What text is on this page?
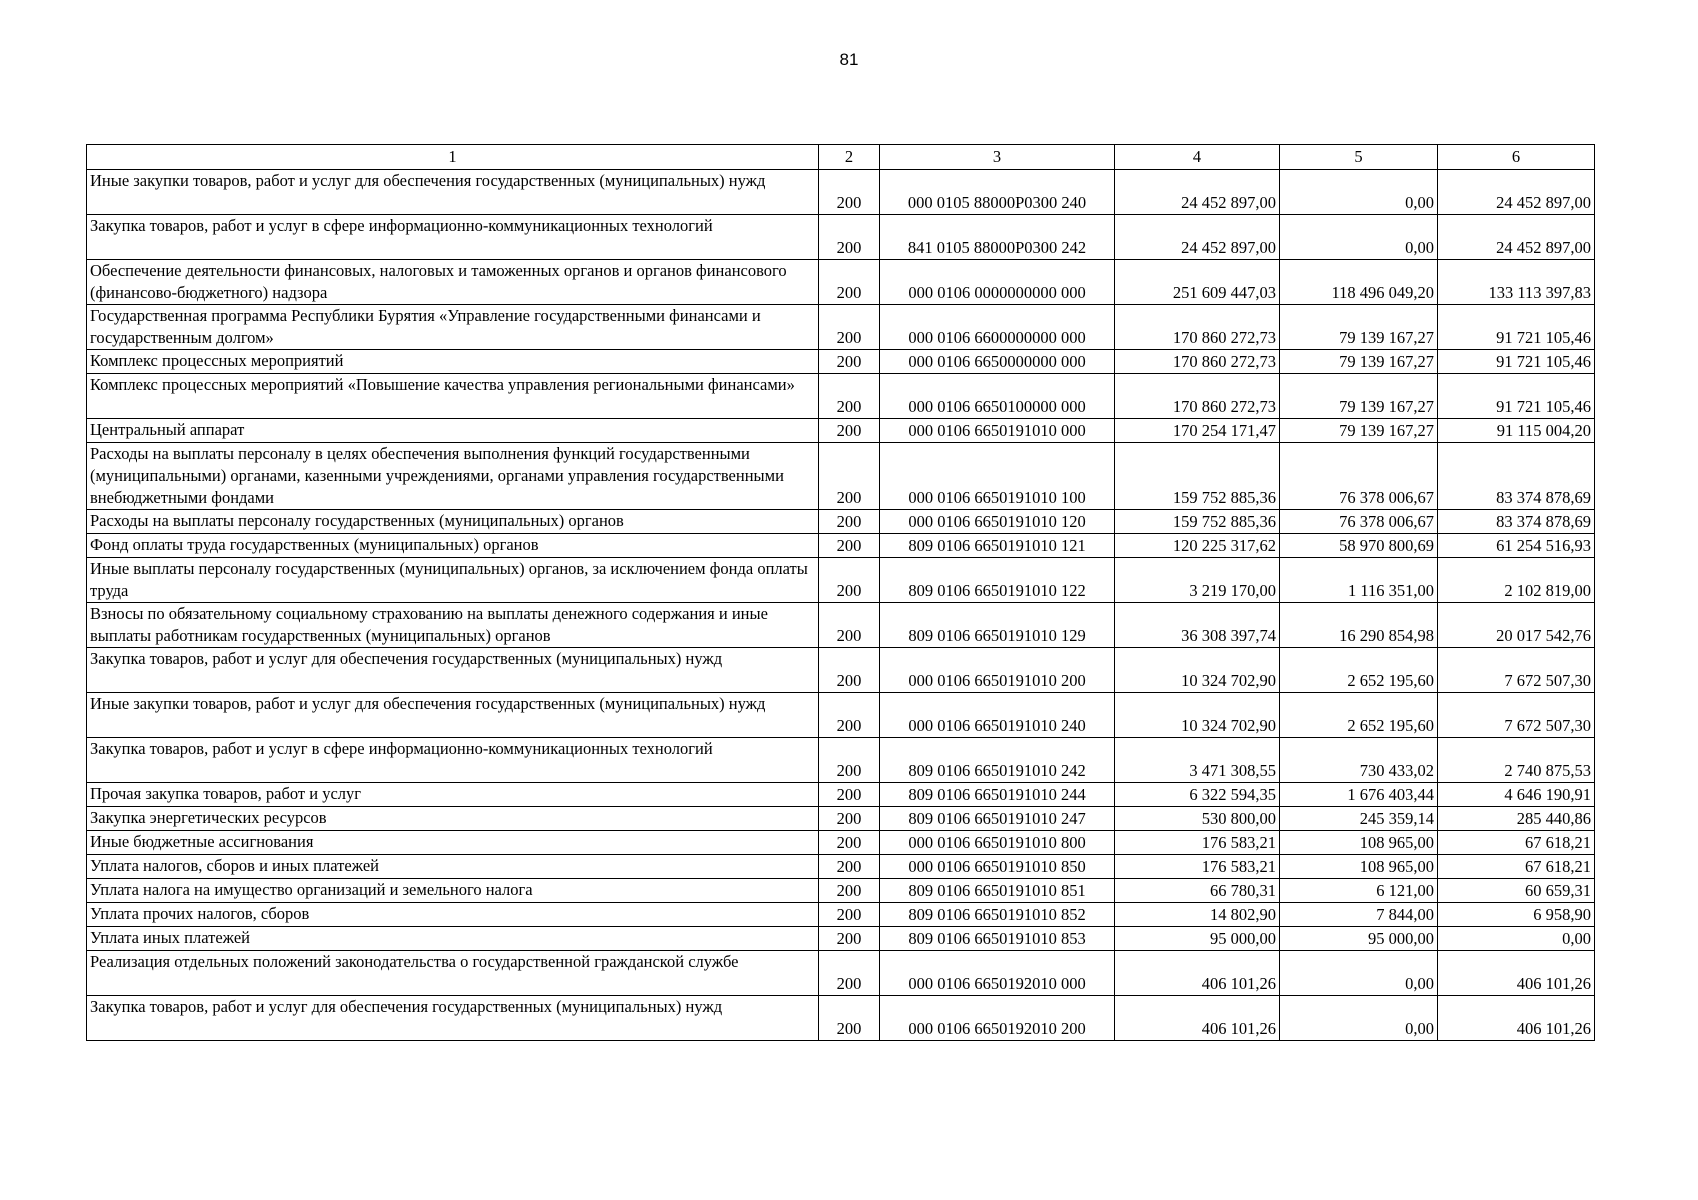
81
1	2	3	4	5	6
Иные закупки товаров, работ и услуг для обеспечения государственных (муниципальных) нужд	200	000 0105 88000P0300 240	24 452 897,00	0,00	24 452 897,00
Закупка товаров, работ и услуг в сфере информационно-коммуникационных технологий	200	841 0105 88000P0300 242	24 452 897,00	0,00	24 452 897,00
Обеспечение деятельности финансовых, налоговых и таможенных органов и органов финансового (финансово-бюджетного) надзора	200	000 0106 0000000000 000	251 609 447,03	118 496 049,20	133 113 397,83
Государственная программа Республики Бурятия «Управление государственными финансами и государственным долгом»	200	000 0106 6600000000 000	170 860 272,73	79 139 167,27	91 721 105,46
Комплекс процессных мероприятий	200	000 0106 6650000000 000	170 860 272,73	79 139 167,27	91 721 105,46
Комплекс процессных мероприятий «Повышение качества управления региональными финансами»	200	000 0106 6650100000 000	170 860 272,73	79 139 167,27	91 721 105,46
Центральный аппарат	200	000 0106 6650191010 000	170 254 171,47	79 139 167,27	91 115 004,20
Расходы на выплаты персоналу в целях обеспечения выполнения функций государственными (муниципальными) органами, казенными учреждениями, органами управления государственными внебюджетными фондами	200	000 0106 6650191010 100	159 752 885,36	76 378 006,67	83 374 878,69
Расходы на выплаты персоналу государственных (муниципальных) органов	200	000 0106 6650191010 120	159 752 885,36	76 378 006,67	83 374 878,69
Фонд оплаты труда государственных (муниципальных) органов	200	809 0106 6650191010 121	120 225 317,62	58 970 800,69	61 254 516,93
Иные выплаты персоналу государственных (муниципальных) органов, за исключением фонда оплаты труда	200	809 0106 6650191010 122	3 219 170,00	1 116 351,00	2 102 819,00
Взносы по обязательному социальному страхованию на выплаты денежного содержания и иные выплаты работникам государственных (муниципальных) органов	200	809 0106 6650191010 129	36 308 397,74	16 290 854,98	20 017 542,76
Закупка товаров, работ и услуг для обеспечения государственных (муниципальных) нужд	200	000 0106 6650191010 200	10 324 702,90	2 652 195,60	7 672 507,30
Иные закупки товаров, работ и услуг для обеспечения государственных (муниципальных) нужд	200	000 0106 6650191010 240	10 324 702,90	2 652 195,60	7 672 507,30
Закупка товаров, работ и услуг в сфере информационно-коммуникационных технологий	200	809 0106 6650191010 242	3 471 308,55	730 433,02	2 740 875,53
Прочая закупка товаров, работ и услуг	200	809 0106 6650191010 244	6 322 594,35	1 676 403,44	4 646 190,91
Закупка энергетических ресурсов	200	809 0106 6650191010 247	530 800,00	245 359,14	285 440,86
Иные бюджетные ассигнования	200	000 0106 6650191010 800	176 583,21	108 965,00	67 618,21
Уплата налогов, сборов и иных платежей	200	000 0106 6650191010 850	176 583,21	108 965,00	67 618,21
Уплата налога на имущество организаций и земельного налога	200	809 0106 6650191010 851	66 780,31	6 121,00	60 659,31
Уплата прочих налогов, сборов	200	809 0106 6650191010 852	14 802,90	7 844,00	6 958,90
Уплата иных платежей	200	809 0106 6650191010 853	95 000,00	95 000,00	0,00
Реализация отдельных положений законодательства о государственной гражданской службе	200	000 0106 6650192010 000	406 101,26	0,00	406 101,26
Закупка товаров, работ и услуг для обеспечения государственных (муниципальных) нужд	200	000 0106 6650192010 200	406 101,26	0,00	406 101,26
